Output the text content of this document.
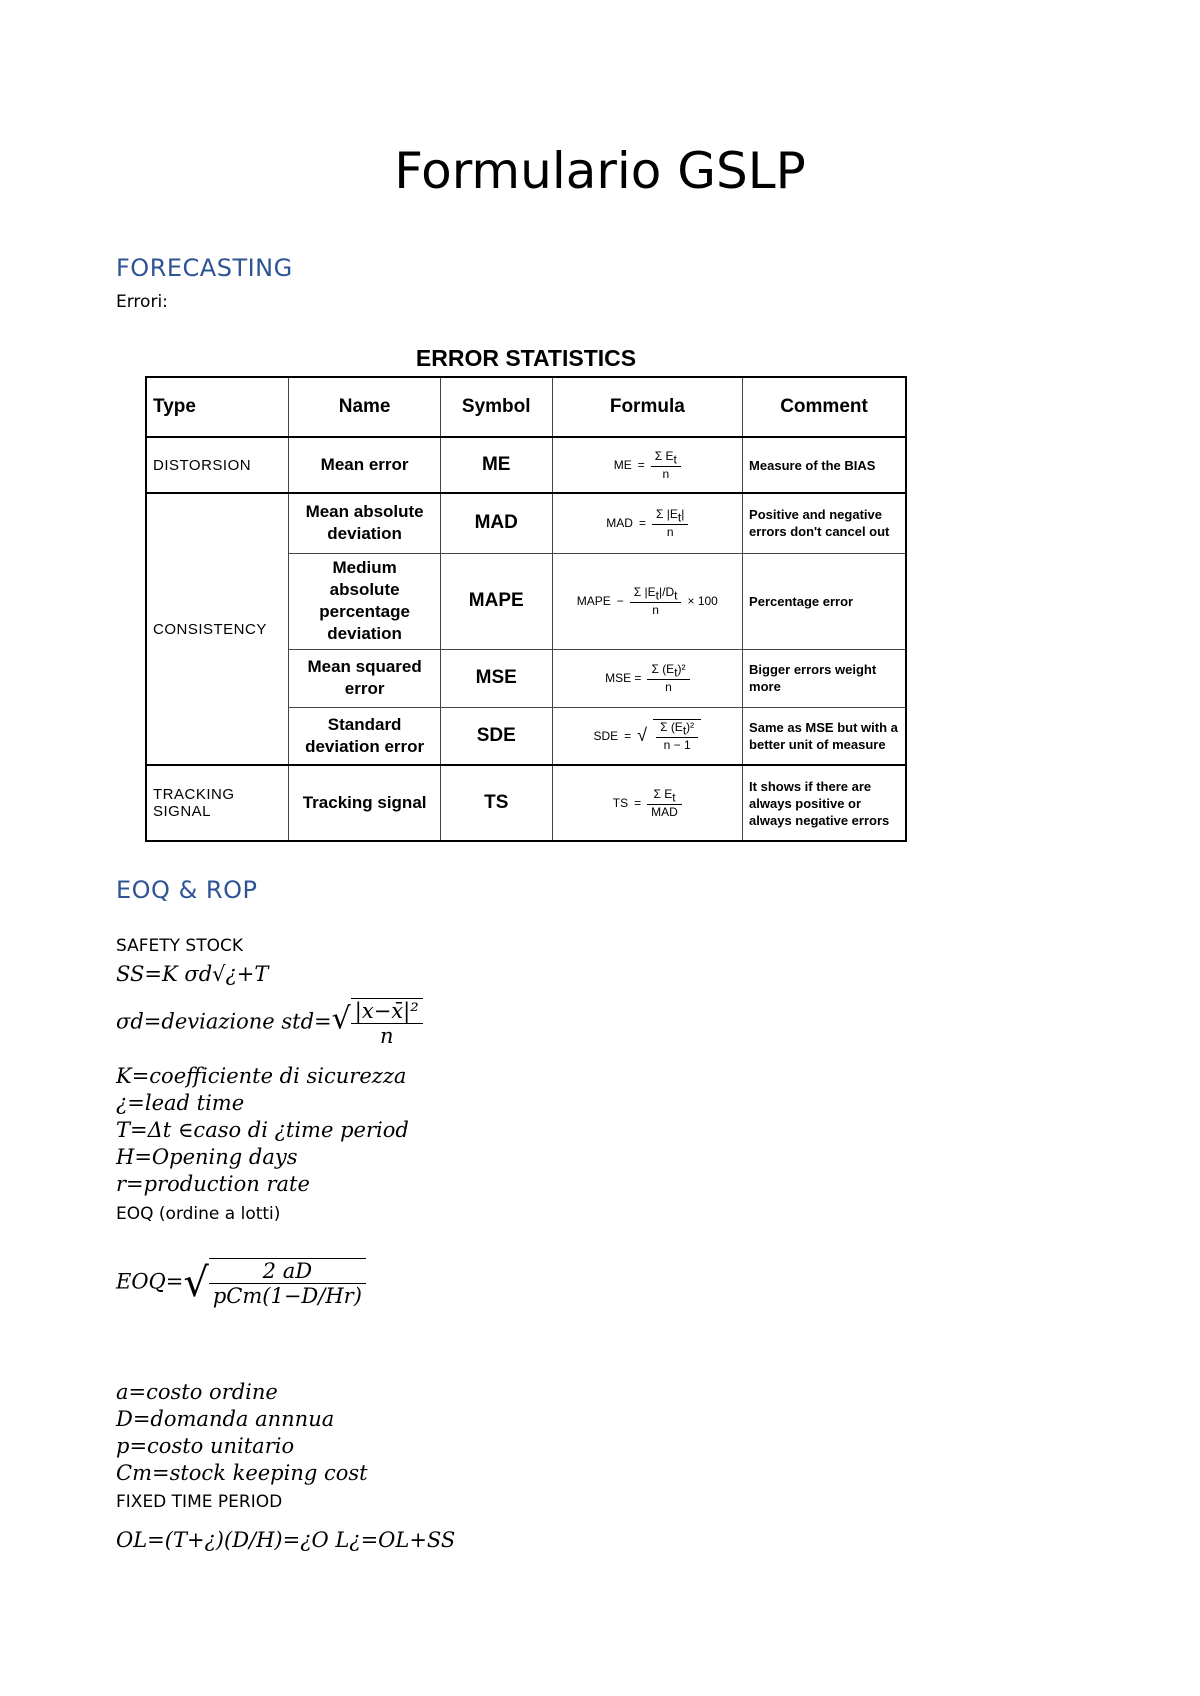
Formulario GSLP
FORECASTING

Errori:

ERROR STATISTICS
Type	Name	Symbol	Formula	Comment
DISTORSION	Mean error	ME	ME = $\frac{\Sigma E_t}{n}$	Measure of the BIAS
CONSISTENCY	Mean absolute deviation	MAD	MAD = $\frac{\Sigma |E_t|}{n}$	Positive and negative errors don't cancel out
	Medium absolute percentage deviation	MAPE	MAPE − $\frac{\Sigma |E_t|/D_t}{n} \times 100$	Percentage error
	Mean squared error	MSE	MSE = $\frac{\Sigma (E_t)^2}{n}$	Bigger errors weight more
	Standard deviation error	SDE	SDE = √ $\frac{\Sigma (E_t)^2}{n - 1}$	Same as MSE but with a better unit of measure
TRACKING SIGNAL	Tracking signal	TS	TS = $\frac{\Sigma E_t}{\text{MAD}}$	It shows if there are always positive or always negative errors
EOQ & ROP

SAFETY STOCK

SS=K σd√¿+T

σd=deviazione $std=√ \frac{\text{|x−x̄|²}}{n}$

K=coefficiente di sicurezza

¿=lead time

T=Δt ∈caso di ¿time period

H=Opening days

r=production rate

EOQ (ordine a lotti)

$EOQ=√ \frac{2 aD}{\text{pCm(1−D/Hr)}}$

a=costo ordine

D=domanda annnua

p=costo unitario

Cm=stock keeping cost

FIXED TIME PERIOD

OL=(T+¿)(D/H)=¿O L¿=OL+SS
